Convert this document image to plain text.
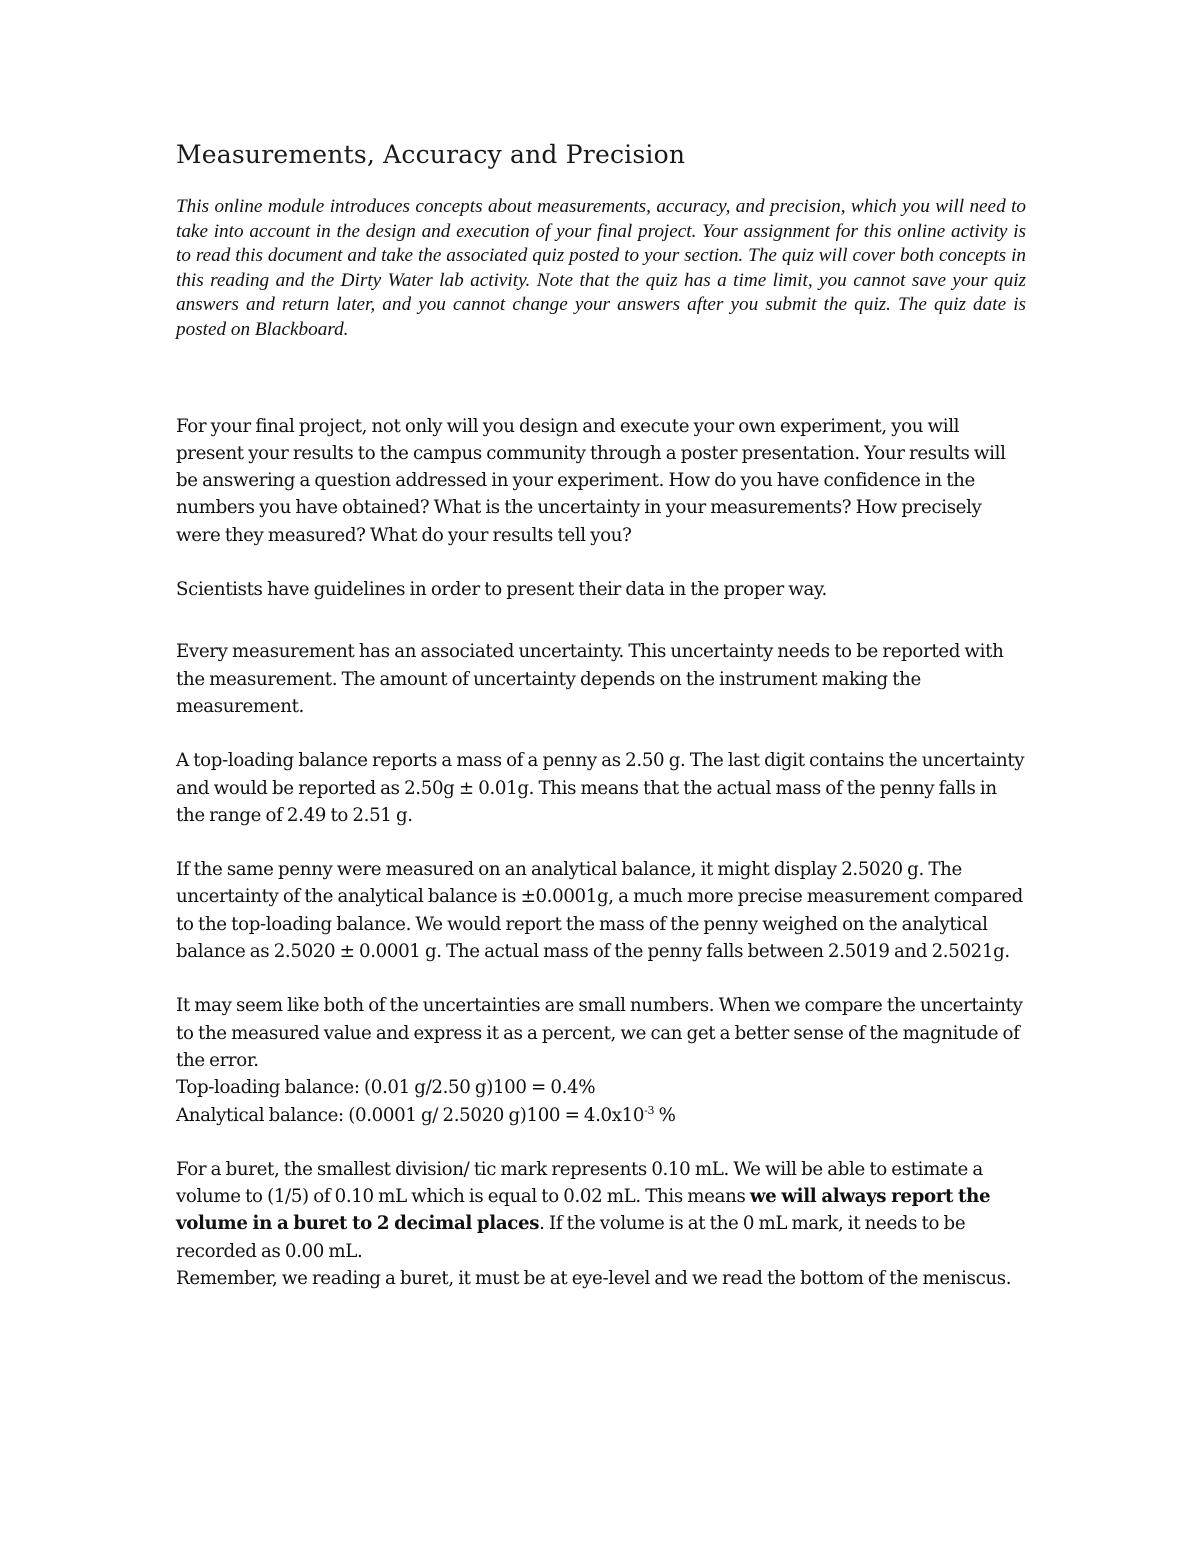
Measurements, Accuracy and Precision

This online module introduces concepts about measurements, accuracy, and precision, which you will need to take into account in the design and execution of your final project. Your assignment for this online activity is to read this document and take the associated quiz posted to your section. The quiz will cover both concepts in this reading and the Dirty Water lab activity. Note that the quiz has a time limit, you cannot save your quiz answers and return later, and you cannot change your answers after you submit the quiz. The quiz date is posted on Blackboard.

For your final project, not only will you design and execute your own experiment, you will present your results to the campus community through a poster presentation. Your results will be answering a question addressed in your experiment. How do you have confidence in the numbers you have obtained? What is the uncertainty in your measurements? How precisely were they measured? What do your results tell you?

Scientists have guidelines in order to present their data in the proper way.

Every measurement has an associated uncertainty. This uncertainty needs to be reported with the measurement. The amount of uncertainty depends on the instrument making the measurement.

A top-loading balance reports a mass of a penny as 2.50 g. The last digit contains the uncertainty and would be reported as 2.50g ± 0.01g. This means that the actual mass of the penny falls in the range of 2.49 to 2.51 g.

If the same penny were measured on an analytical balance, it might display 2.5020 g. The uncertainty of the analytical balance is ±0.0001g, a much more precise measurement compared to the top-loading balance. We would report the mass of the penny weighed on the analytical balance as 2.5020 ± 0.0001 g. The actual mass of the penny falls between 2.5019 and 2.5021g.

It may seem like both of the uncertainties are small numbers. When we compare the uncertainty to the measured value and express it as a percent, we can get a better sense of the magnitude of the error.
Top-loading balance: (0.01 g/2.50 g)100 = 0.4%
Analytical balance: (0.0001 g/ 2.5020 $g)100 = 4.0x10^{-3}$ %

For a buret, the smallest division/ tic mark represents 0.10 mL. We will be able to estimate a volume to (1/5) of 0.10 mL which is equal to 0.02 mL. This means we will always report the volume in a buret to 2 decimal places. If the volume is at the 0 mL mark, it needs to be recorded as 0.00 mL.
Remember, we reading a buret, it must be at eye-level and we read the bottom of the meniscus.
